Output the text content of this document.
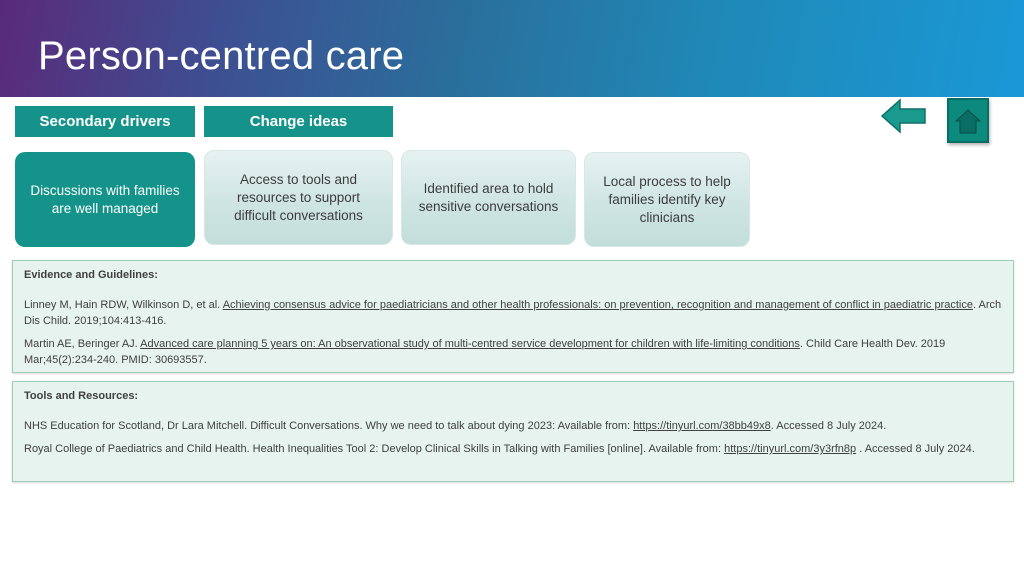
Person-centred care
Secondary drivers	Change ideas
Discussions with families are well managed
Access to tools and resources to support difficult conversations
Identified area to hold sensitive conversations
Local process to help families identify key clinicians
Evidence and Guidelines:

Linney M, Hain RDW, Wilkinson D, et al. Achieving consensus advice for paediatricians and other health professionals: on prevention, recognition and management of conflict in paediatric practice. Arch Dis Child. 2019;104:413-416.

Martin AE, Beringer AJ. Advanced care planning 5 years on: An observational study of multi-centred service development for children with life-limiting conditions. Child Care Health Dev. 2019 Mar;45(2):234-240. PMID: 30693557.

Tools and Resources:

NHS Education for Scotland, Dr Lara Mitchell. Difficult Conversations. Why we need to talk about dying 2023: Available from: https://tinyurl.com/38bb49x8. Accessed 8 July 2024.

Royal College of Paediatrics and Child Health. Health Inequalities Tool 2: Develop Clinical Skills in Talking with Families [online]. Available from: https://tinyurl.com/3y3rfn8p . Accessed 8 July 2024.
